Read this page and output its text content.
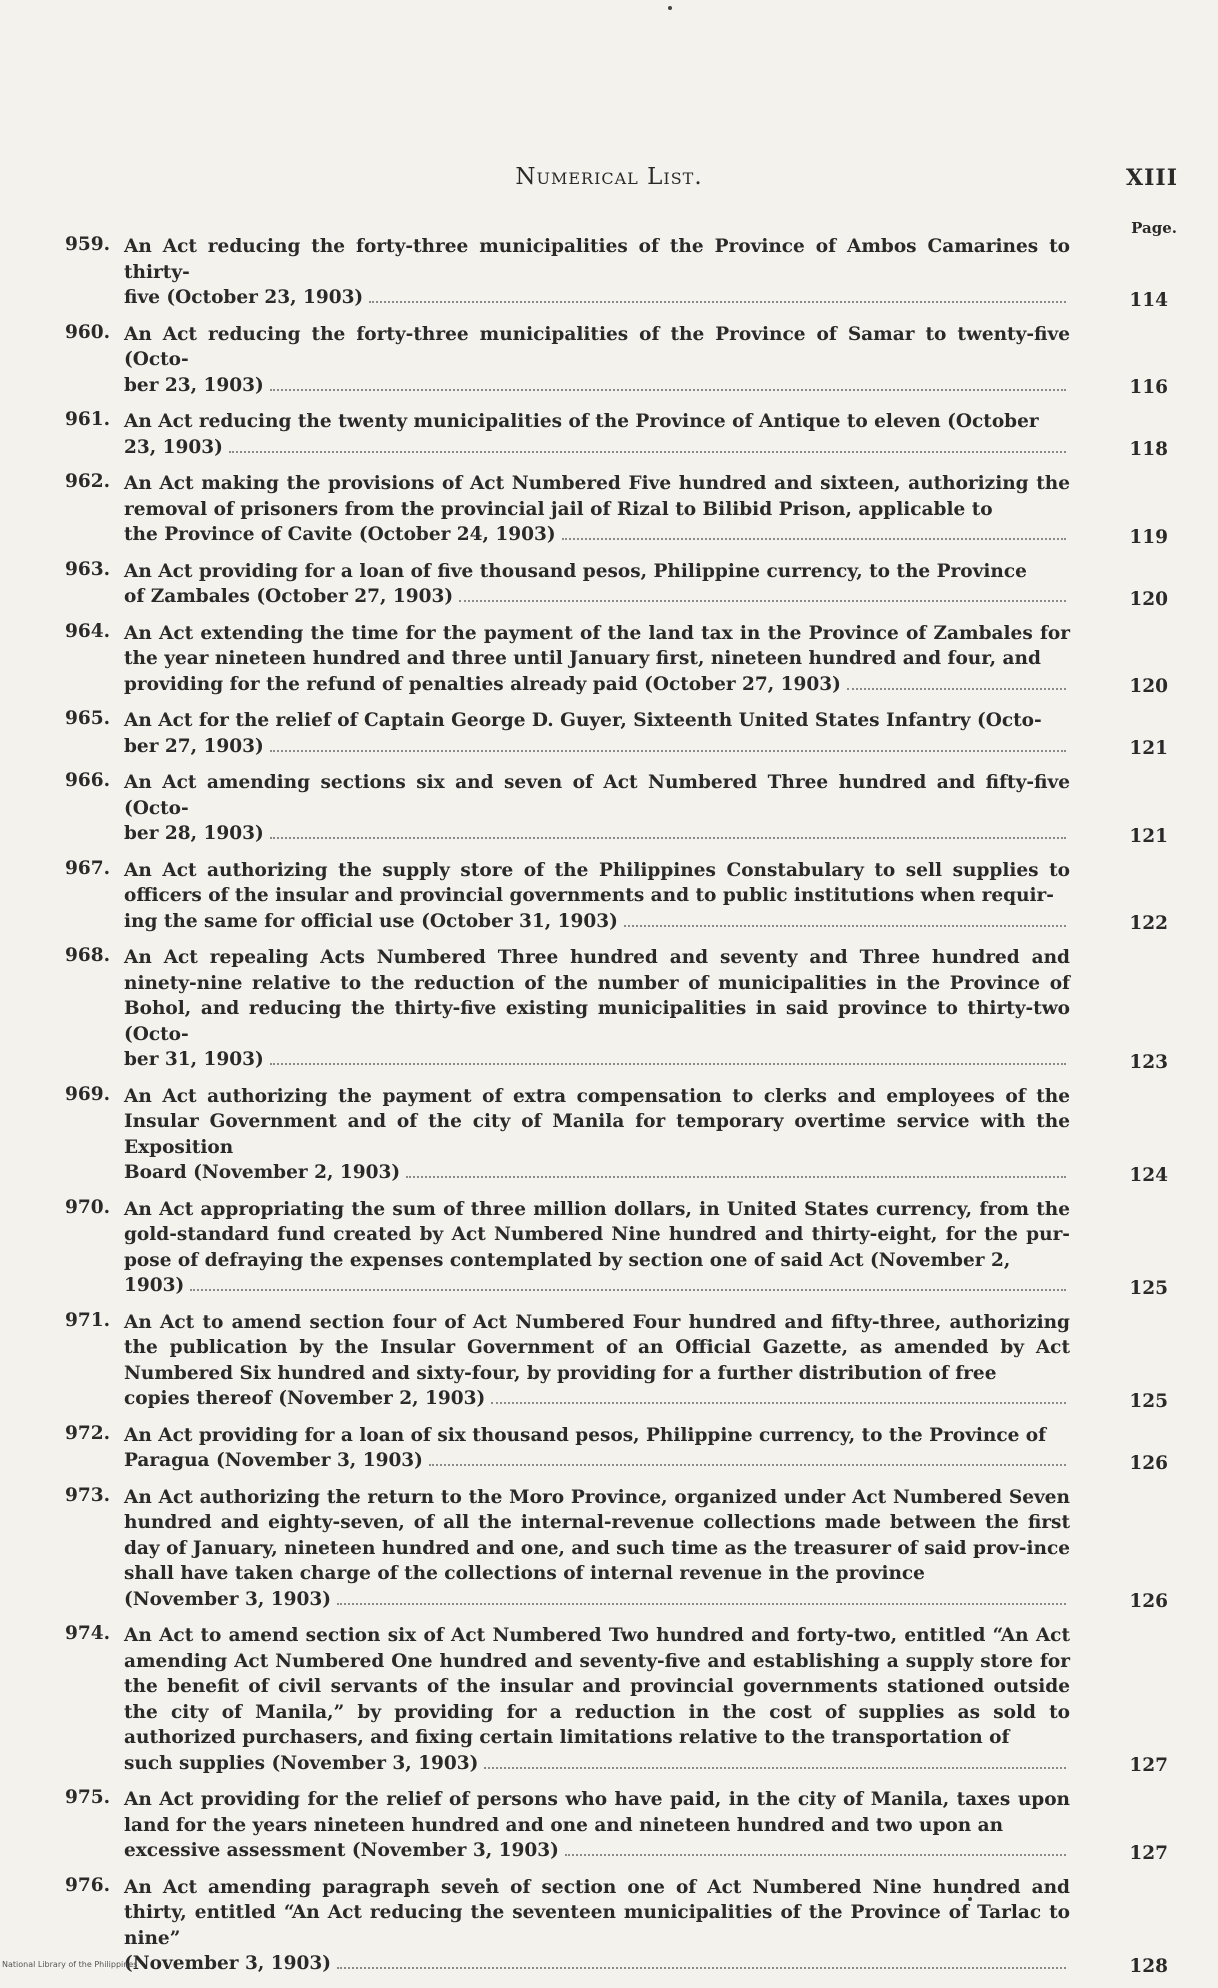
Numerical List.	XIII
Page.
959. An Act reducing the forty-three municipalities of the Province of Ambos Camarines to thirty-
five (October 23, 1903)	114
960. An Act reducing the forty-three municipalities of the Province of Samar to twenty-five (Octo-
ber 23, 1903)	116
961. An Act reducing the twenty municipalities of the Province of Antique to eleven (October
23, 1903)	118
962. An Act making the provisions of Act Numbered Five hundred and sixteen, authorizing the removal of prisoners from the provincial jail of Rizal to Bilibid Prison, applicable to
the Province of Cavite (October 24, 1903)	119
963. An Act providing for a loan of five thousand pesos, Philippine currency, to the Province
of Zambales (October 27, 1903)	120
964. An Act extending the time for the payment of the land tax in the Province of Zambales for the year nineteen hundred and three until January first, nineteen hundred and four, and
providing for the refund of penalties already paid (October 27, 1903)	120
965. An Act for the relief of Captain George D. Guyer, Sixteenth United States Infantry (Octo-
ber 27, 1903)	121
966. An Act amending sections six and seven of Act Numbered Three hundred and fifty-five (Octo-
ber 28, 1903)	121
967. An Act authorizing the supply store of the Philippines Constabulary to sell supplies to officers of the insular and provincial governments and to public institutions when requir-
ing the same for official use (October 31, 1903)	122
968. An Act repealing Acts Numbered Three hundred and seventy and Three hundred and ninety-nine relative to the reduction of the number of municipalities in the Province of Bohol, and reducing the thirty-five existing municipalities in said province to thirty-two (Octo-
ber 31, 1903)	123
969. An Act authorizing the payment of extra compensation to clerks and employees of the Insular Government and of the city of Manila for temporary overtime service with the Exposition
Board (November 2, 1903)	124
970. An Act appropriating the sum of three million dollars, in United States currency, from the gold-standard fund created by Act Numbered Nine hundred and thirty-eight, for the pur-pose of defraying the expenses contemplated by section one of said Act (November 2,
1903)	125
971. An Act to amend section four of Act Numbered Four hundred and fifty-three, authorizing the publication by the Insular Government of an Official Gazette, as amended by Act Numbered Six hundred and sixty-four, by providing for a further distribution of free
copies thereof (November 2, 1903)	125
972. An Act providing for a loan of six thousand pesos, Philippine currency, to the Province of
Paragua (November 3, 1903)	126
973. An Act authorizing the return to the Moro Province, organized under Act Numbered Seven hundred and eighty-seven, of all the internal-revenue collections made between the first day of January, nineteen hundred and one, and such time as the treasurer of said prov-ince shall have taken charge of the collections of internal revenue in the province
(November 3, 1903)	126
974. An Act to amend section six of Act Numbered Two hundred and forty-two, entitled “An Act amending Act Numbered One hundred and seventy-five and establishing a supply store for the benefit of civil servants of the insular and provincial governments stationed outside the city of Manila,” by providing for a reduction in the cost of supplies as sold to authorized purchasers, and fixing certain limitations relative to the transportation of
such supplies (November 3, 1903)	127
975. An Act providing for the relief of persons who have paid, in the city of Manila, taxes upon land for the years nineteen hundred and one and nineteen hundred and two upon an
excessive assessment (November 3, 1903)	127
976. An Act amending paragraph seven of section one of Act Numbered Nine hundred and thirty, entitled “An Act reducing the seventeen municipalities of the Province of Tarlac to nine”
(November 3, 1903)	128
National Library of the Philippines
